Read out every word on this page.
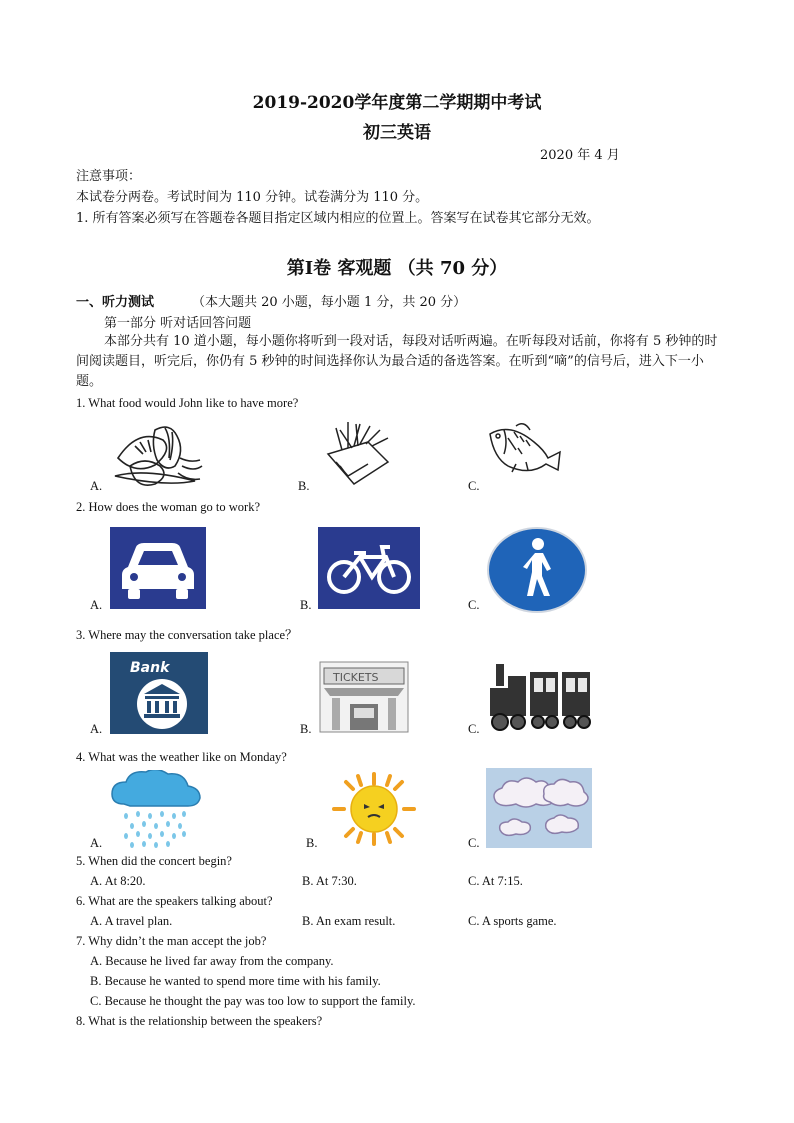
2019-2020学年度第二学期期中考试
初三英语
2020 年 4 月
注意事项：
本试卷分两卷。考试时间为 110 分钟。试卷满分为 110 分。
1. 所有答案必须写在答题卷各题目指定区域内相应的位置上。答案写在试卷其它部分无效。
第Ⅰ卷 客观题 （共 70 分）
一、听力测试	（本大题共 20 小题，每小题 1 分，共 20 分）
第一部分 听对话回答问题
本部分共有 10 道小题，每小题你将听到一段对话，每段对话听两遍。在听每段对话前，你将有 5 秒钟的时间阅读题目，听完后，你仍有 5 秒钟的时间选择你认为最合适的备选答案。在听到“嘀”的信号后，进入下一小题。
1. What food would John like to have more?
A.	B.	C.
2. How does the woman go to work?
A.	B.	C.
3. Where may the conversation take place？
Bank
A.
TICKETS
B.	C.
4. What was the weather like on Monday?
A.	B.	C.
5. When did the concert begin?
A. At 8:20.	B. At 7:30.	C. At 7:15.
6. What are the speakers talking about?
A. A travel plan.	B. An exam result.	C. A sports game.
7. Why didn’t the man accept the job?
A. Because he lived far away from the company.
B. Because he wanted to spend more time with his family.
C. Because he thought the pay was too low to support the family.
8. What is the relationship between the speakers?
